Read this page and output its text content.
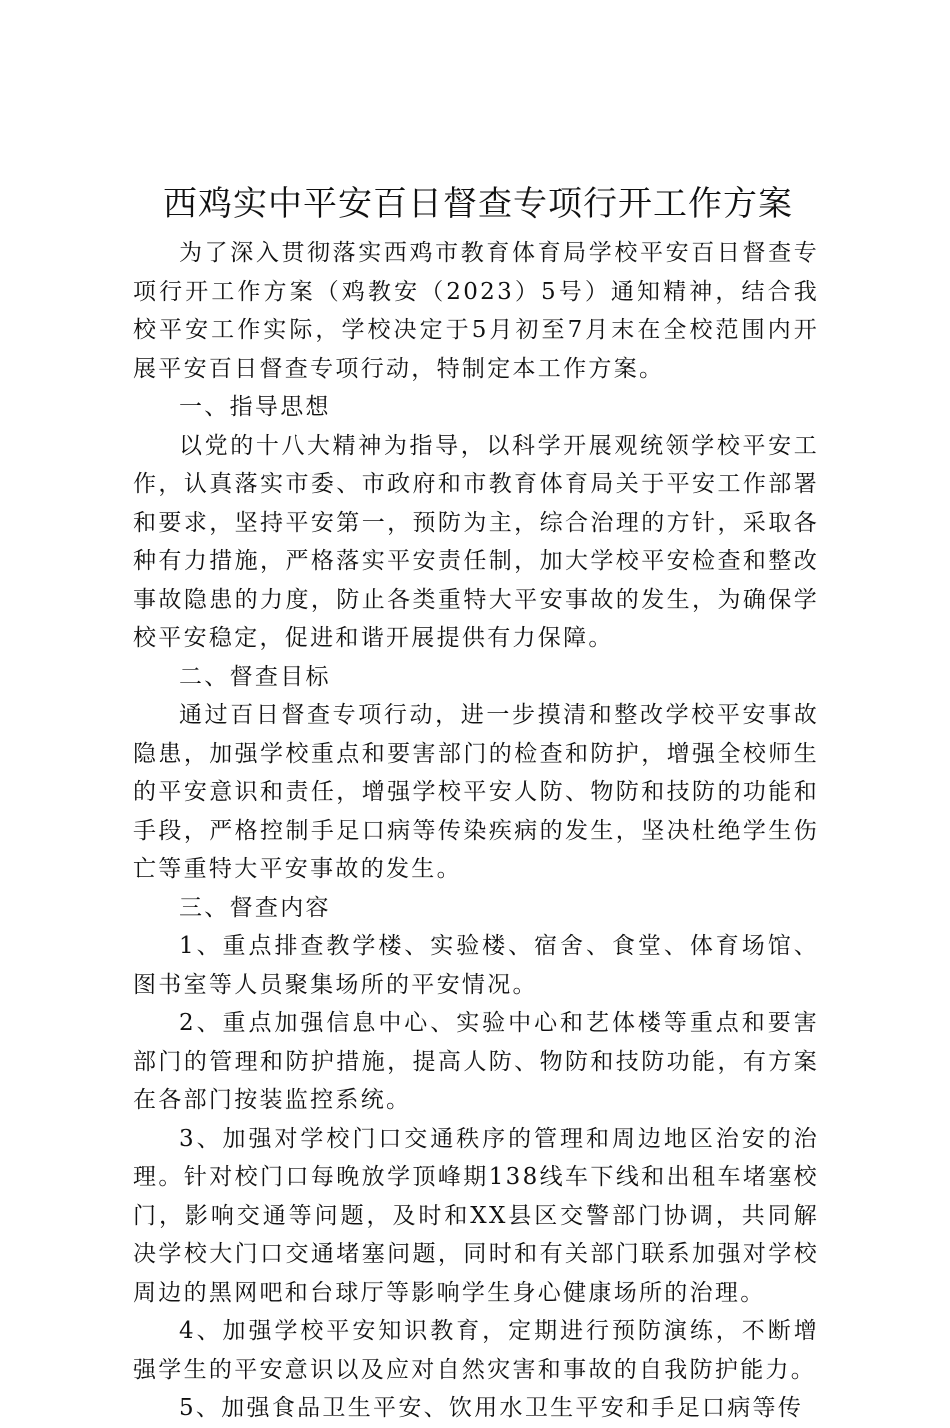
西鸡实中平安百日督查专项行开工作方案

为了深入贯彻落实西鸡市教育体育局学校平安百日督查专项行开工作方案（鸡教安（2023）5号）通知精神，结合我校平安工作实际，学校决定于5月初至7月末在全校范围内开展平安百日督查专项行动，特制定本工作方案。

一、指导思想

以党的十八大精神为指导，以科学开展观统领学校平安工作，认真落实市委、市政府和市教育体育局关于平安工作部署和要求，坚持平安第一，预防为主，综合治理的方针，采取各种有力措施，严格落实平安责任制，加大学校平安检查和整改事故隐患的力度，防止各类重特大平安事故的发生，为确保学校平安稳定，促进和谐开展提供有力保障。

二、督查目标

通过百日督查专项行动，进一步摸清和整改学校平安事故隐患，加强学校重点和要害部门的检查和防护，增强全校师生的平安意识和责任，增强学校平安人防、物防和技防的功能和手段，严格控制手足口病等传染疾病的发生，坚决杜绝学生伤亡等重特大平安事故的发生。

三、督查内容

1、重点排查教学楼、实验楼、宿舍、食堂、体育场馆、图书室等人员聚集场所的平安情况。

2、重点加强信息中心、实验中心和艺体楼等重点和要害部门的管理和防护措施，提高人防、物防和技防功能，有方案在各部门按装监控系统。

3、加强对学校门口交通秩序的管理和周边地区治安的治理。针对校门口每晚放学顶峰期138线车下线和出租车堵塞校门，影响交通等问题，及时和XX县区交警部门协调，共同解决学校大门口交通堵塞问题，同时和有关部门联系加强对学校周边的黑网吧和台球厅等影响学生身心健康场所的治理。

4、加强学校平安知识教育，定期进行预防演练，不断增强学生的平安意识以及应对自然灾害和事故的自我防护能力。

5、加强食品卫生平安、饮用水卫生平安和手足口病等传
